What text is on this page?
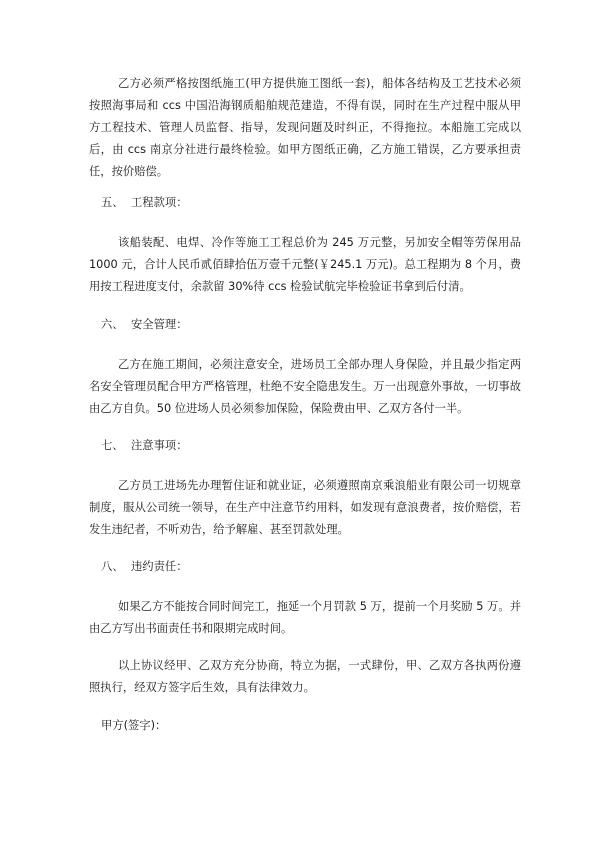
乙方必须严格按图纸施工(甲方提供施工图纸一套)，船体各结构及工艺技术必须按照海事局和 ccs 中国沿海钢质船舶规范建造，不得有误，同时在生产过程中服从甲方工程技术、管理人员监督、指导，发现问题及时纠正，不得拖拉。本船施工完成以后，由 ccs 南京分社进行最终检验。如甲方图纸正确，乙方施工错误，乙方要承担责任，按价赔偿。

五、 工程款项：

该船装配、电焊、冷作等施工工程总价为 245 万元整，另加安全帽等劳保用品 1000 元，合计人民币贰佰肆拾伍万壹千元整(￥245.1 万元)。总工程期为 8 个月，费用按工程进度支付，余款留 30%待 ccs 检验试航完毕检验证书拿到后付清。

六、 安全管理：

乙方在施工期间，必须注意安全，进场员工全部办理人身保险，并且最少指定两名安全管理员配合甲方严格管理，杜绝不安全隐患发生。万一出现意外事故，一切事故由乙方自负。50 位进场人员必须参加保险，保险费由甲、乙双方各付一半。

七、 注意事项：

乙方员工进场先办理暂住证和就业证，必须遵照南京乘浪船业有限公司一切规章制度，服从公司统一领导，在生产中注意节约用料，如发现有意浪费者，按价赔偿，若发生违纪者，不听劝告，给予解雇、甚至罚款处理。

八、 违约责任：

如果乙方不能按合同时间完工，拖延一个月罚款 5 万，提前一个月奖励 5 万。并由乙方写出书面责任书和限期完成时间。

以上协议经甲、乙双方充分协商，特立为据，一式肆份，甲、乙双方各执两份遵照执行，经双方签字后生效，具有法律效力。

甲方(签字)：
